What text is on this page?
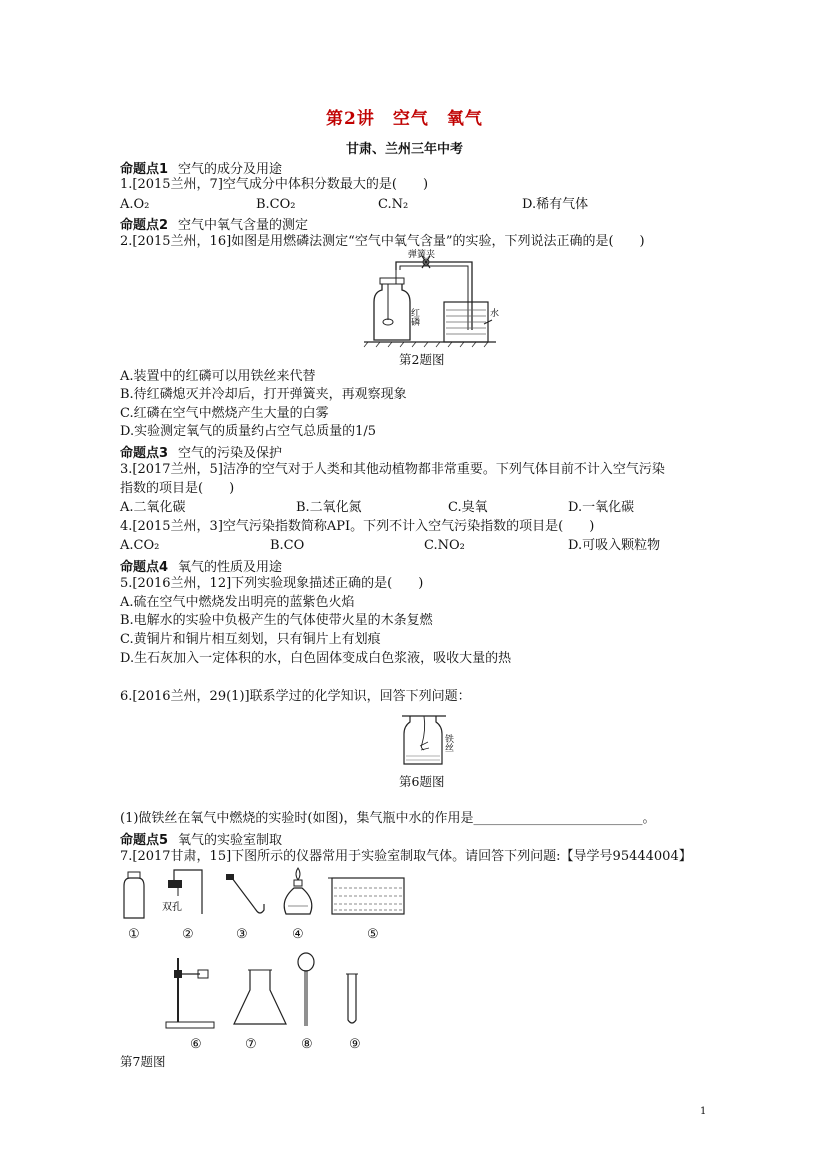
第2讲　空气　氧气
甘肃、兰州三年中考
命题点1 空气的成分及用途
1.[2015兰州，7]空气成分中体积分数最大的是(　　)
A.O₂	B.CO₂	C.N₂	D.稀有气体
命题点2 空气中氧气含量的测定
2.[2015兰州，16]如图是用燃磷法测定“空气中氧气含量”的实验，下列说法正确的是(　　)
弹簧夹
红磷	水
第2题图
A.装置中的红磷可以用铁丝来代替
B.待红磷熄灭并冷却后，打开弹簧夹，再观察现象
C.红磷在空气中燃烧产生大量的白雾
D.实验测定氧气的质量约占空气总质量的1/5
命题点3 空气的污染及保护
3.[2017兰州，5]洁净的空气对于人类和其他动植物都非常重要。下列气体目前不计入空气污染
指数的项目是(　　)
A.二氧化碳	B.二氧化氮	C.臭氧	D.一氧化碳
4.[2015兰州，3]空气污染指数简称API。下列不计入空气污染指数的项目是(　　)
A.CO₂	B.CO	C.NO₂	D.可吸入颗粒物
命题点4 氧气的性质及用途
5.[2016兰州，12]下列实验现象描述正确的是(　　)
A.硫在空气中燃烧发出明亮的蓝紫色火焰
B.电解水的实验中负极产生的气体使带火星的木条复燃
C.黄铜片和铜片相互刻划，只有铜片上有划痕
D.生石灰加入一定体积的水，白色固体变成白色浆液，吸收大量的热
6.[2016兰州，29(1)]联系学过的化学知识，回答下列问题：
铁丝
第6题图
(1)做铁丝在氧气中燃烧的实验时(如图)，集气瓶中水的作用是__________________________。
命题点5 氧气的实验室制取
7.[2017甘肃，15]下图所示的仪器常用于实验室制取气体。请回答下列问题:【导学号95444004】
双孔
①	②	③	④	⑤
⑥	⑦	⑧	⑨
第7题图
1
